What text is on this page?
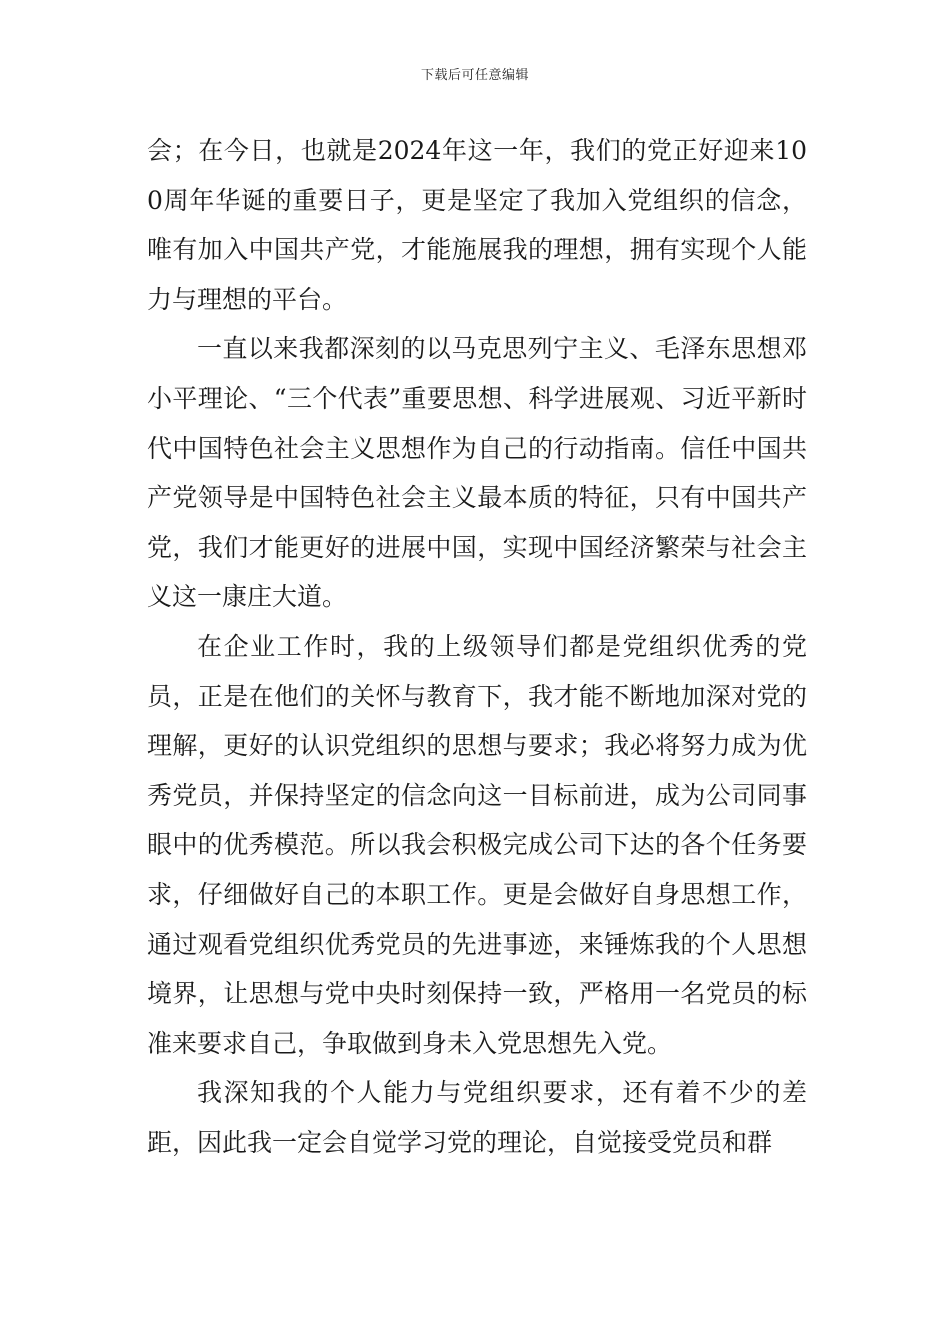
下载后可任意编辑

会；在今日，也就是2024年这一年，我们的党正好迎来100周年华诞的重要日子，更是坚定了我加入党组织的信念，唯有加入中国共产党，才能施展我的理想，拥有实现个人能力与理想的平台。

一直以来我都深刻的以马克思列宁主义、毛泽东思想邓小平理论、“三个代表”重要思想、科学进展观、习近平新时代中国特色社会主义思想作为自己的行动指南。信任中国共产党领导是中国特色社会主义最本质的特征，只有中国共产党，我们才能更好的进展中国，实现中国经济繁荣与社会主义这一康庄大道。

在企业工作时，我的上级领导们都是党组织优秀的党员，正是在他们的关怀与教育下，我才能不断地加深对党的理解，更好的认识党组织的思想与要求；我必将努力成为优秀党员，并保持坚定的信念向这一目标前进，成为公司同事眼中的优秀模范。所以我会积极完成公司下达的各个任务要求，仔细做好自己的本职工作。更是会做好自身思想工作，通过观看党组织优秀党员的先进事迹，来锤炼我的个人思想境界，让思想与党中央时刻保持一致，严格用一名党员的标准来要求自己，争取做到身未入党思想先入党。

我深知我的个人能力与党组织要求，还有着不少的差距，因此我一定会自觉学习党的理论，自觉接受党员和群
